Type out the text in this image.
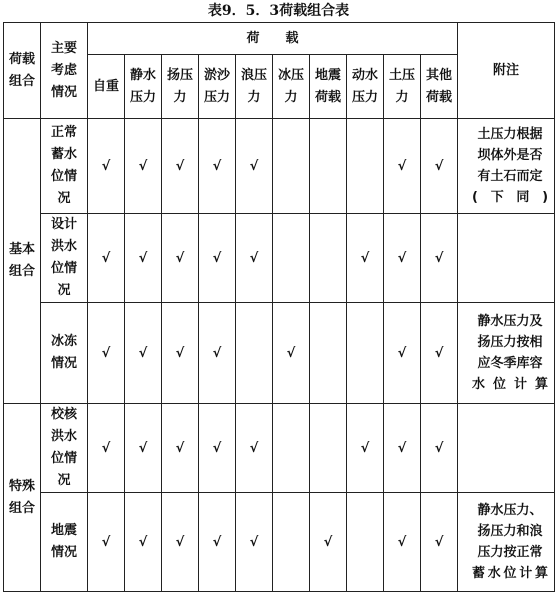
表9．5．3荷载组合表
荷载组合	主要考虑情况	荷　　载										附注

		自重	静水压力	扬压力	淤沙压力	浪压力	冰压力	地震荷载	动水压力	土压力	其他荷载	

基本组合	正常蓄水位情况	√	√	√	√	√				√	√	土压力根据坝体外是否有土石而定(下同)

	设计洪水位情况	√	√	√	√	√			√	√	√	

	冰冻情况	√	√	√	√		√			√	√	静水压力及扬压力按相应冬季库容水位计算

特殊组合	校核洪水位情况	√	√	√	√	√			√	√	√	

	地震情况	√	√	√	√	√		√		√	√	静水压力、扬压力和浪压力按正常蓄水位计算
